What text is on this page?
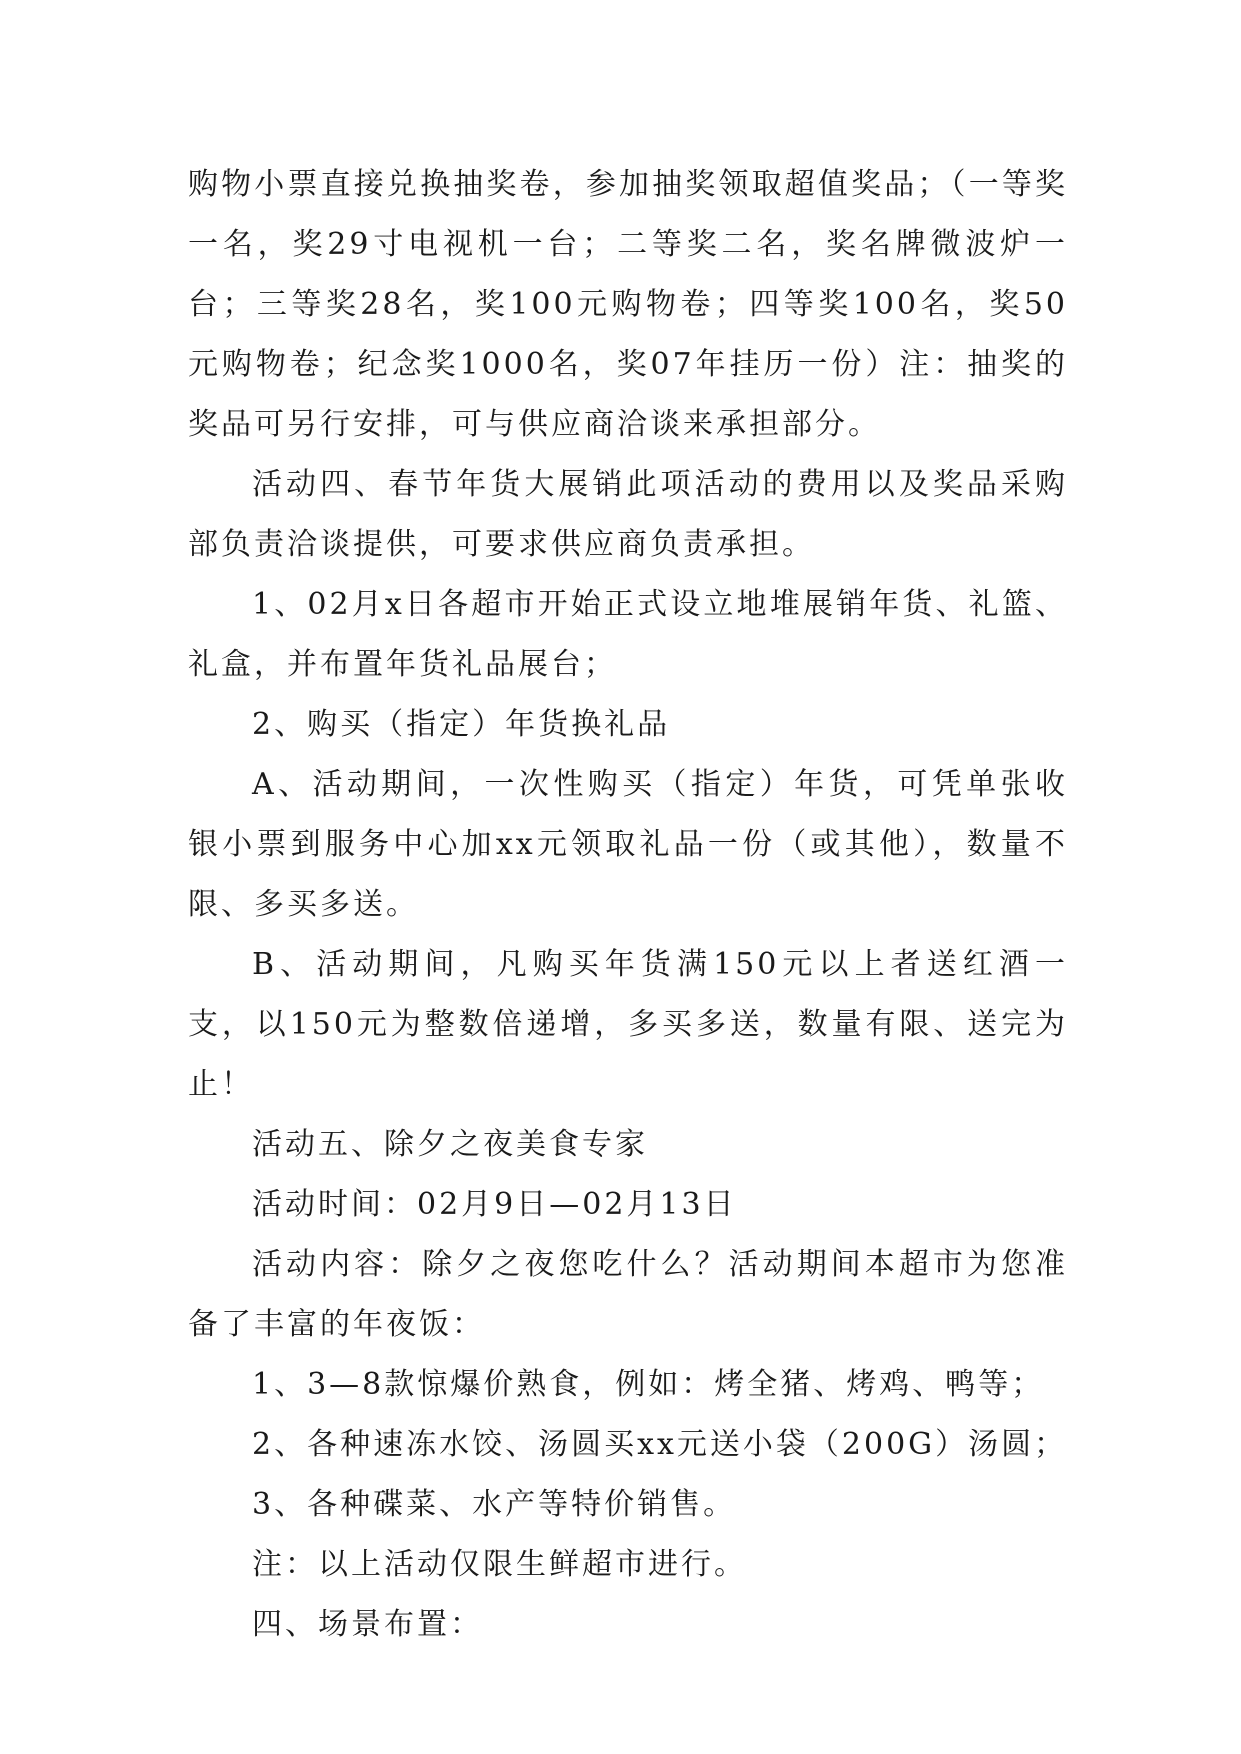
购物小票直接兑换抽奖卷，参加抽奖领取超值奖品；（一等奖一名，奖29寸电视机一台；二等奖二名，奖名牌微波炉一台；三等奖28名，奖100元购物卷；四等奖100名，奖50元购物卷；纪念奖1000名，奖07年挂历一份）注：抽奖的奖品可另行安排，可与供应商洽谈来承担部分。

活动四、春节年货大展销此项活动的费用以及奖品采购部负责洽谈提供，可要求供应商负责承担。

1、02月x日各超市开始正式设立地堆展销年货、礼篮、礼盒，并布置年货礼品展台；

2、购买（指定）年货换礼品

A、活动期间，一次性购买（指定）年货，可凭单张收银小票到服务中心加xx元领取礼品一份（或其他），数量不限、多买多送。

B、活动期间，凡购买年货满150元以上者送红酒一支，以150元为整数倍递增，多买多送，数量有限、送完为止！

活动五、除夕之夜美食专家

活动时间：02月9日—02月13日

活动内容：除夕之夜您吃什么？活动期间本超市为您准备了丰富的年夜饭：

1、3—8款惊爆价熟食，例如：烤全猪、烤鸡、鸭等；

2、各种速冻水饺、汤圆买xx元送小袋（200G）汤圆；

3、各种碟菜、水产等特价销售。

注：以上活动仅限生鲜超市进行。

四、场景布置：
